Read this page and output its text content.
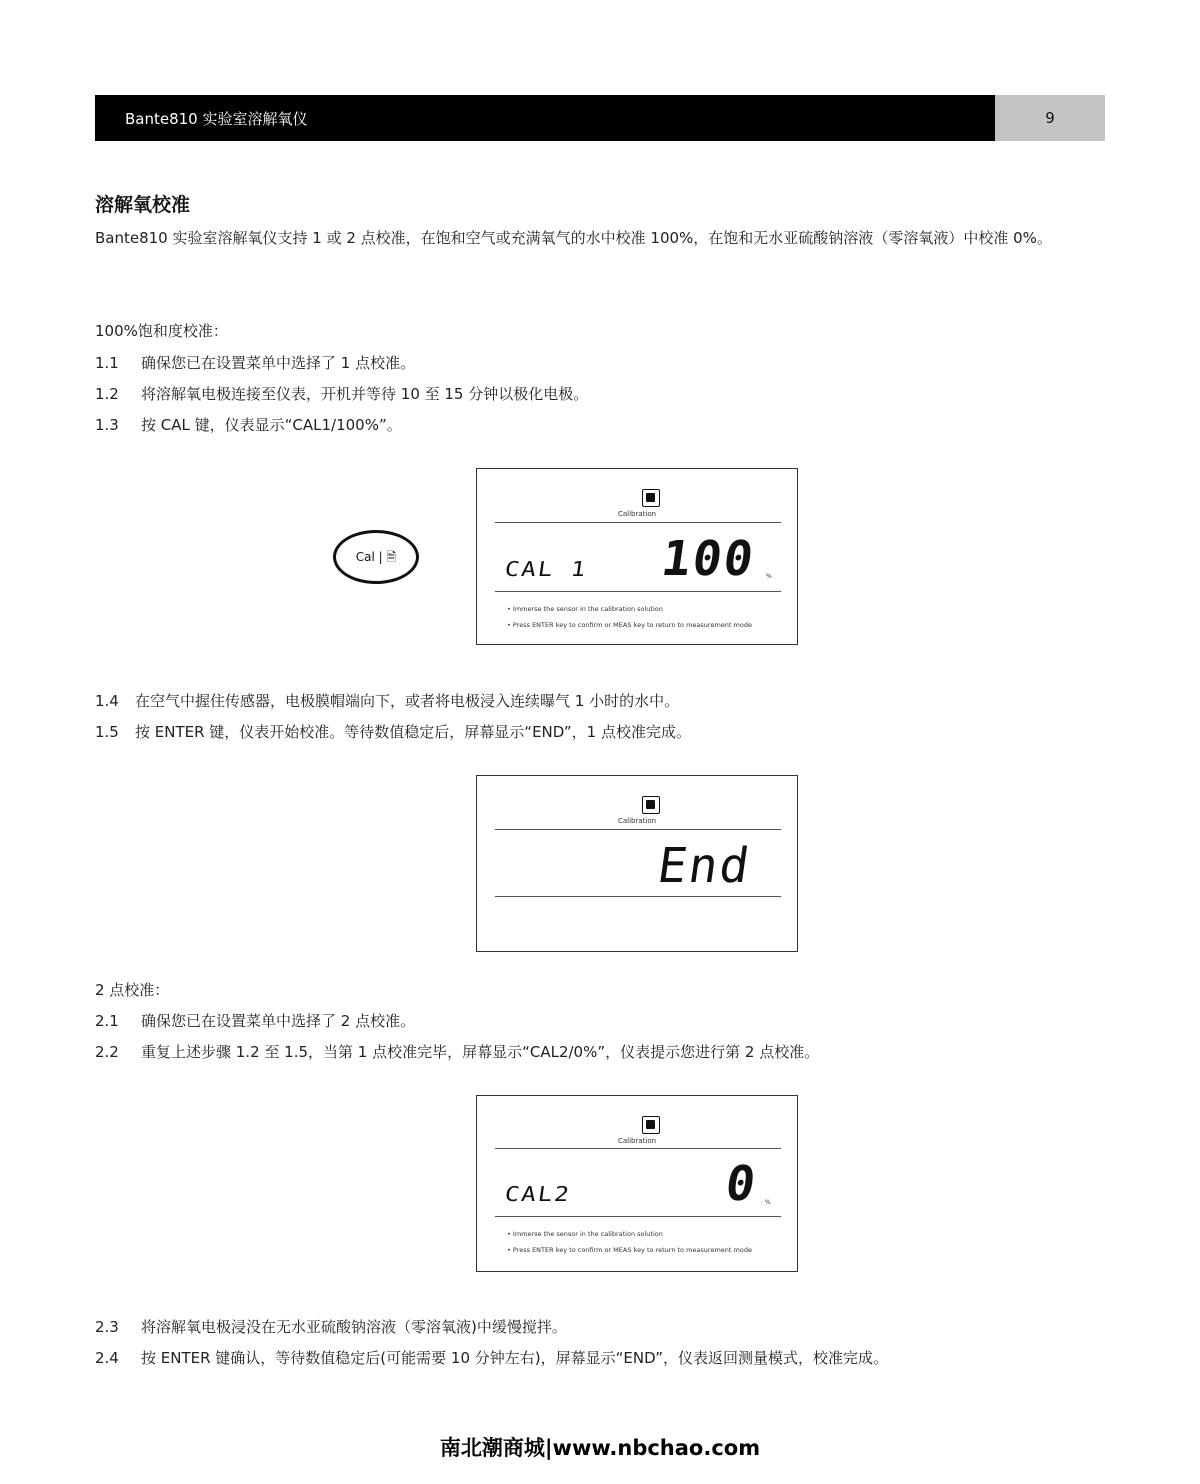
Bante810 实验室溶解氧仪	9
溶解氧校准
Bante810 实验室溶解氧仪支持 1 或 2 点校准，在饱和空气或充满氧气的水中校准 100%，在饱和无水亚硫酸钠溶液（零溶氧液）中校准 0%。
100%饱和度校准：
1.1 确保您已在设置菜单中选择了 1 点校准。
1.2 将溶解氧电极连接至仪表，开机并等待 10 至 15 分钟以极化电极。
1.3 按 CAL 键，仪表显示“CAL1/100%”。
Cal | 🗎
Calibration
CAL 1 100 %
• Immerse the sensor in the calibration solution
• Press ENTER key to confirm or MEAS key to return to measurement mode
1.4 在空气中握住传感器，电极膜帽端向下，或者将电极浸入连续曝气 1 小时的水中。
1.5 按 ENTER 键，仪表开始校准。等待数值稳定后，屏幕显示“END”，1 点校准完成。
Calibration
End
2 点校准：
2.1 确保您已在设置菜单中选择了 2 点校准。
2.2 重复上述步骤 1.2 至 1.5，当第 1 点校准完毕，屏幕显示“CAL2/0%”，仪表提示您进行第 2 点校准。
Calibration
CAL2	0 %
• Immerse the sensor in the calibration solution
• Press ENTER key to confirm or MEAS key to return to measurement mode
2.3 将溶解氧电极浸没在无水亚硫酸钠溶液（零溶氧液)中缓慢搅拌。
2.4 按 ENTER 键确认，等待数值稳定后(可能需要 10 分钟左右)，屏幕显示“END”，仪表返回测量模式，校准完成。
南北潮商城|www.nbchao.com
